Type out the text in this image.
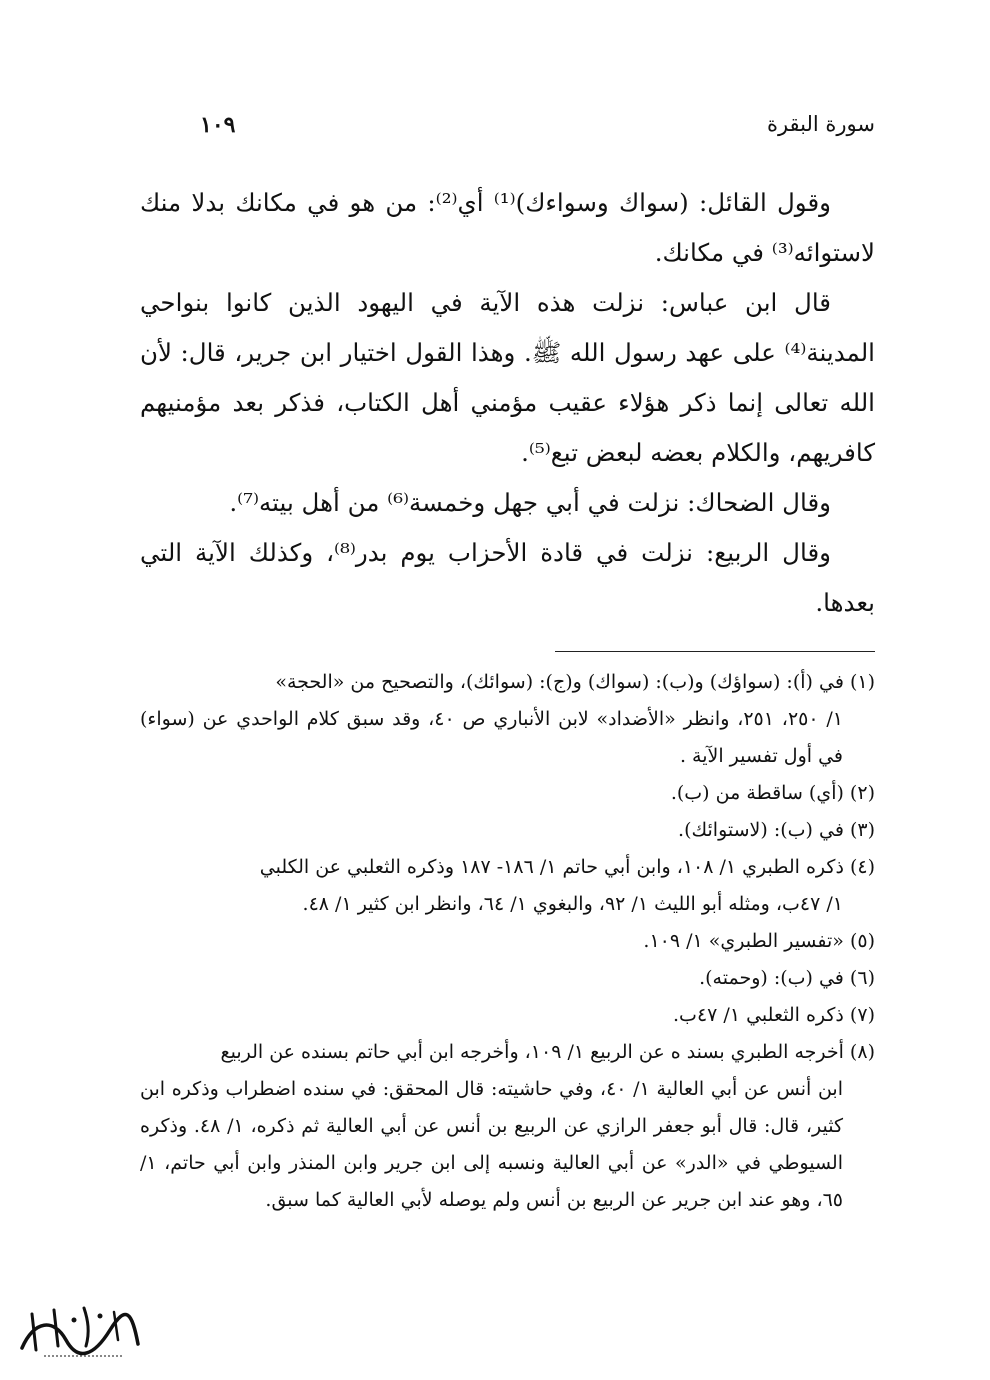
سورة البقرة
١٠٩

وقول القائل: (سواك وسواءك)⁽¹⁾ أي⁽²⁾: من هو في مكانك بدلا منك لاستوائه⁽³⁾ في مكانك.

قال ابن عباس: نزلت هذه الآية في اليهود الذين كانوا بنواحي المدينة⁽⁴⁾ على عهد رسول الله ﷺ. وهذا القول اختيار ابن جرير، قال: لأن الله تعالى إنما ذكر هؤلاء عقيب مؤمني أهل الكتاب، فذكر بعد مؤمنيهم كافريهم، والكلام بعضه لبعض تبع⁽⁵⁾.

وقال الضحاك: نزلت في أبي جهل وخمسة⁽⁶⁾ من أهل بيته⁽⁷⁾.

وقال الربيع: نزلت في قادة الأحزاب يوم بدر⁽⁸⁾، وكذلك الآية التي بعدها.

(١) في (أ): (سواؤك) و(ب): (سواك) و(ج): (سوائك)، والتصحيح من «الحجة»
١/ ٢٥٠، ٢٥١، وانظر «الأضداد» لابن الأنباري ص ٤٠، وقد سبق كلام الواحدي عن (سواء) في أول تفسير الآية .
(٢) (أي) ساقطة من (ب).
(٣) في (ب): (لاستوائك).
(٤) ذكره الطبري ١/ ١٠٨، وابن أبي حاتم ١/ ١٨٦- ١٨٧ وذكره الثعلبي عن الكلبي
١/ ٤٧ب، ومثله أبو الليث ١/ ٩٢، والبغوي ١/ ٦٤، وانظر ابن كثير ١/ ٤٨.
(٥) «تفسير الطبري» ١/ ١٠٩.
(٦) في (ب): (وحمته).
(٧) ذكره الثعلبي ١/ ٤٧ب.
(٨) أخرجه الطبري بسند ه عن الربيع ١/ ١٠٩، وأخرجه ابن أبي حاتم بسنده عن الربيع
ابن أنس عن أبي العالية ١/ ٤٠، وفي حاشيته: قال المحقق: في سنده اضطراب وذكره ابن كثير، قال: قال أبو جعفر الرازي عن الربيع بن أنس عن أبي العالية ثم ذكره، ١/ ٤٨. وذكره السيوطي في «الدر» عن أبي العالية ونسبه إلى ابن جرير وابن المنذر وابن أبي حاتم، ١/ ٦٥، وهو عند ابن جرير عن الربيع بن أنس ولم يوصله لأبي العالية كما سبق.
